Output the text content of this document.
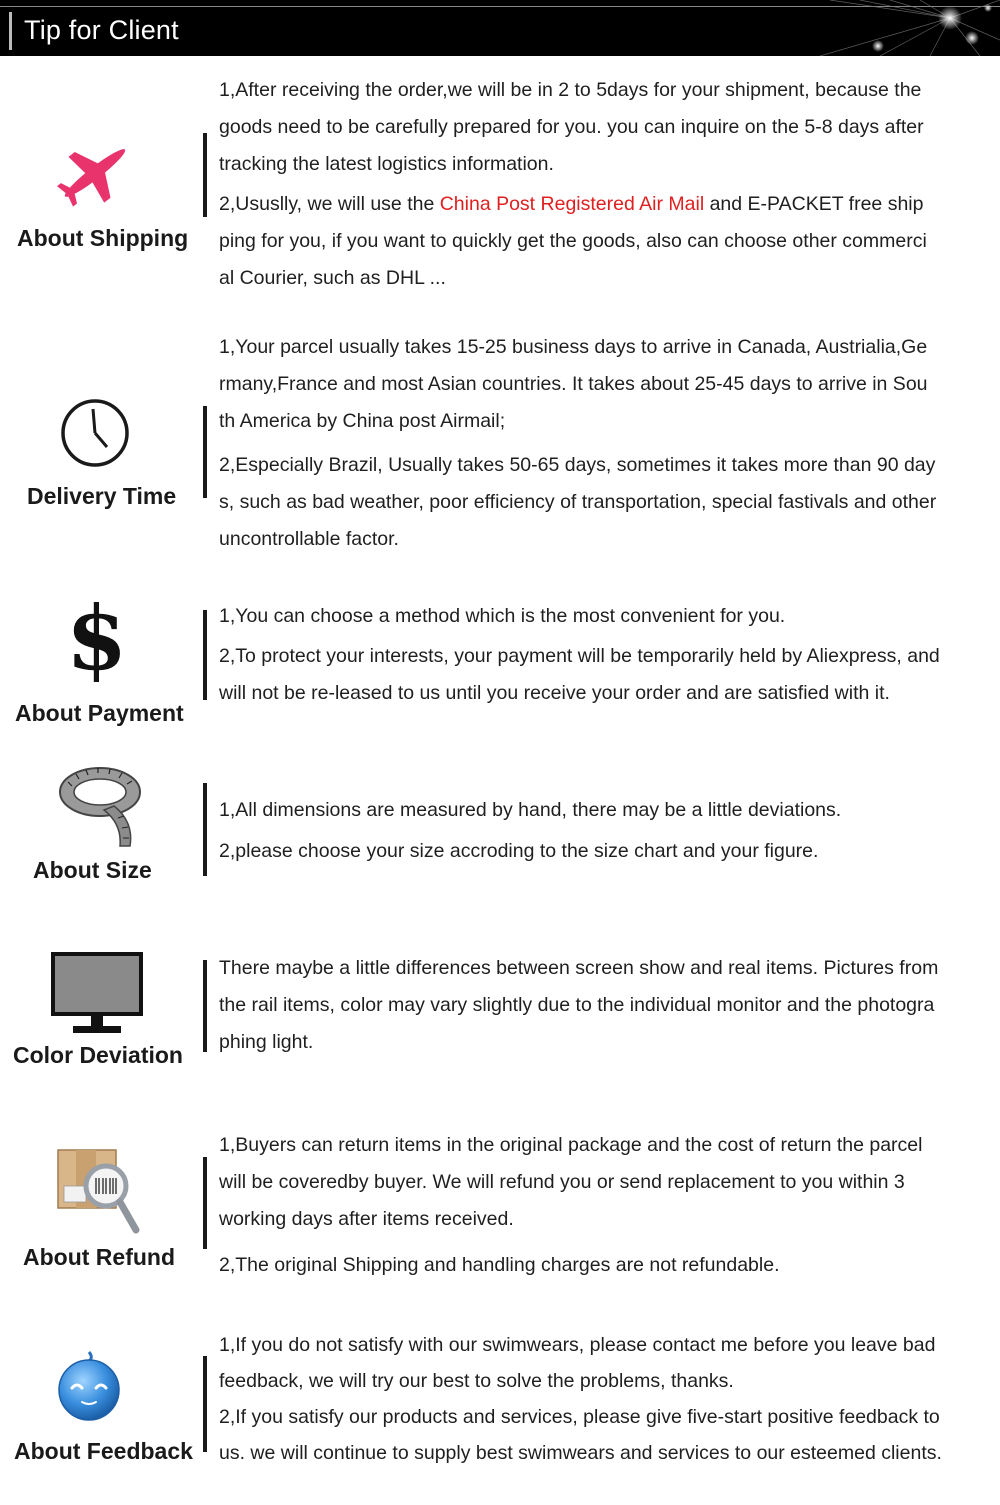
Tip for Client
About Shipping
1,After receiving the order,we will be in 2 to 5days for your shipment, because the
goods need to be carefully prepared for you. you can inquire on the 5-8 days after
tracking the latest logistics information.
2,Ususlly, we will use the China Post Registered Air Mail and E-PACKET free ship
ping for you, if you want to quickly get the goods, also can choose other commerci
al Courier, such as DHL ...
Delivery Time
1,Your parcel usually takes 15-25 business days to arrive in Canada, Austrialia,Ge
rmany,France and most Asian countries. It takes about 25-45 days to arrive in Sou
th America by China post Airmail;
2,Especially Brazil, Usually takes 50-65 days, sometimes it takes more than 90 day
s, such as bad weather, poor efficiency of transportation, special fastivals and other
uncontrollable factor.
$
About Payment
1,You can choose a method which is the most convenient for you.
2,To protect your interests, your payment will be temporarily held by Aliexpress, and
will not be re-leased to us until you receive your order and are satisfied with it.
About Size
1,All dimensions are measured by hand, there may be a little deviations.
2,please choose your size accroding to the size chart and your figure.
Color Deviation
There maybe a little differences between screen show and real items. Pictures from
the rail items, color may vary slightly due to the individual monitor and the photogra
phing light.
About Refund
1,Buyers can return items in the original package and the cost of return the parcel
will be coveredby buyer. We will refund you or send replacement to you within 3
working days after items received.
2,The original Shipping and handling charges are not refundable.
About Feedback
1,If you do not satisfy with our swimwears, please contact me before you leave bad
feedback, we will try our best to solve the problems, thanks.
2,If you satisfy our products and services, please give five-start positive feedback to
us. we will continue to supply best swimwears and services to our esteemed clients.
